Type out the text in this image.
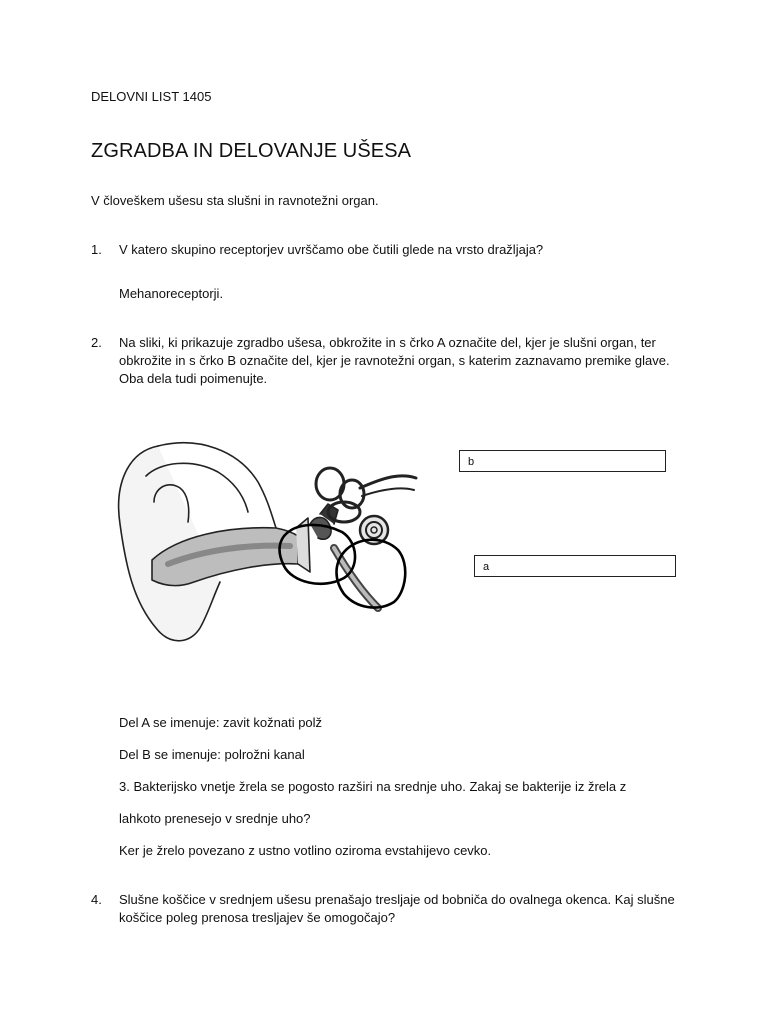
DELOVNI LIST 1405
ZGRADBA IN DELOVANJE UŠESA
V človeškem ušesu sta slušni in ravnotežni organ.
1. V katero skupino receptorjev uvrščamo obe čutili glede na vrsto dražljaja?
Mehanoreceptorji.
2. Na sliki, ki prikazuje zgradbo ušesa, obkrožite in s črko A označite del, kjer je slušni organ, ter obkrožite in s črko B označite del, kjer je ravnotežni organ, s katerim zaznavamo premike glave. Oba dela tudi poimenujte.
b
a
Del A se imenuje: zavit kožnati polž
Del B se imenuje: polrožni kanal
3. Bakterijsko vnetje žrela se pogosto razširi na srednje uho. Zakaj se bakterije iz žrela z
lahkoto prenesejo v srednje uho?
Ker je žrelo povezano z ustno votlino oziroma evstahijevo cevko.
4. Slušne koščice v srednjem ušesu prenašajo tresljaje od bobniča do ovalnega okenca. Kaj slušne koščice poleg prenosa tresljajev še omogočajo?
